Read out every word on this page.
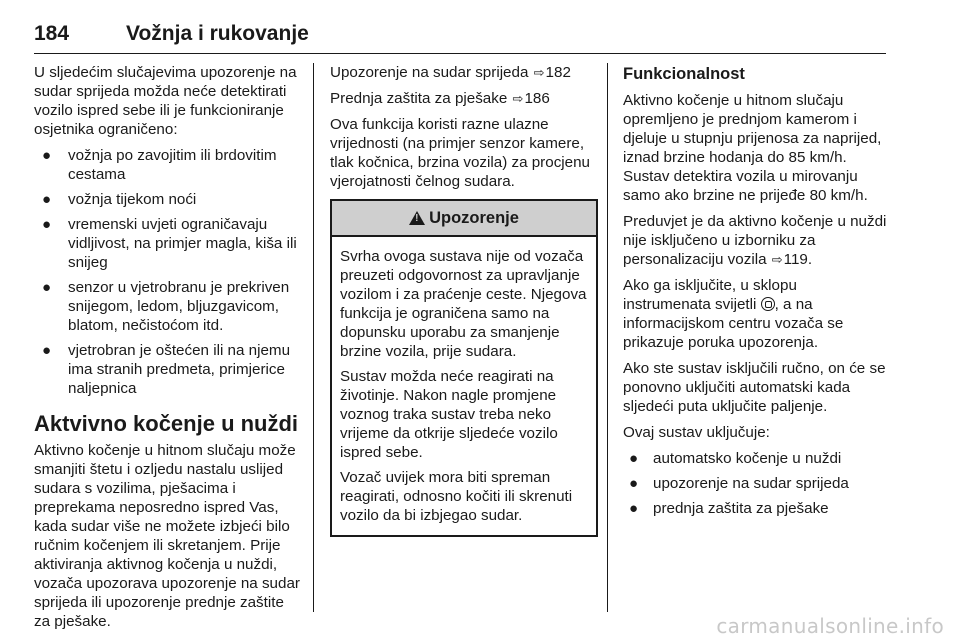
184	Vožnja i rukovanje

U sljedećim slučajevima upozorenje na sudar sprijeda možda neće detektirati vozilo ispred sebe ili je funkcioniranje osjetnika ograničeno:

● vožnja po zavojitim ili brdovitim cestama
● vožnja tijekom noći
● vremenski uvjeti ograničavaju vidljivost, na primjer magla, kiša ili snijeg
● senzor u vjetrobranu je prekriven snijegom, ledom, bljuzgavicom, blatom, nečistoćom itd.
● vjetrobran je oštećen ili na njemu ima stranih predmeta, primjerice naljepnica
Aktvivno kočenje u nuždi

Aktivno kočenje u hitnom slučaju može smanjiti štetu i ozljedu nastalu uslijed sudara s vozilima, pješacima i preprekama neposredno ispred Vas, kada sudar više ne možete izbjeći bilo ručnim kočenjem ili skretanjem. Prije aktiviranja aktivnog kočenja u nuždi, vozača upozorava upozorenje na sudar sprijeda ili upozorenje prednje zaštite za pješake.

Upozorenje na sudar sprijeda ⇨182

Prednja zaštita za pješake ⇨186

Ova funkcija koristi razne ulazne vrijednosti (na primjer senzor kamere, tlak kočnica, brzina vozila) za procjenu vjerojatnosti čelnog sudara.

!
Upozorenje

Svrha ovoga sustava nije od vozača preuzeti odgovornost za upravljanje vozilom i za praćenje ceste. Njegova funkcija je ograničena samo na dopunsku uporabu za smanjenje brzine vozila, prije sudara.

Sustav možda neće reagirati na životinje. Nakon nagle promjene voznog traka sustav treba neko vrijeme da otkrije sljedeće vozilo ispred sebe.

Vozač uvijek mora biti spreman reagirati, odnosno kočiti ili skrenuti vozilo da bi izbjegao sudar.

Funkcionalnost

Aktivno kočenje u hitnom slučaju opremljeno je prednjom kamerom i djeluje u stupnju prijenosa za naprijed, iznad brzine hodanja do 85 km/h. Sustav detektira vozila u mirovanju samo ako brzine ne prijeđe 80 km/h.

Preduvjet je da aktivno kočenje u nuždi nije isključeno u izborniku za personalizaciju vozila ⇨119.

Ako ga isključite, u sklopu instrumenata svijetli , a na informacijskom centru vozača se prikazuje poruka upozorenja.

Ako ste sustav isključili ručno, on će se ponovno uključiti automatski kada sljedeći puta uključite paljenje.

Ovaj sustav uključuje:

● automatsko kočenje u nuždi
● upozorenje na sudar sprijeda
● prednja zaštita za pješake
carmanualsonline.info
